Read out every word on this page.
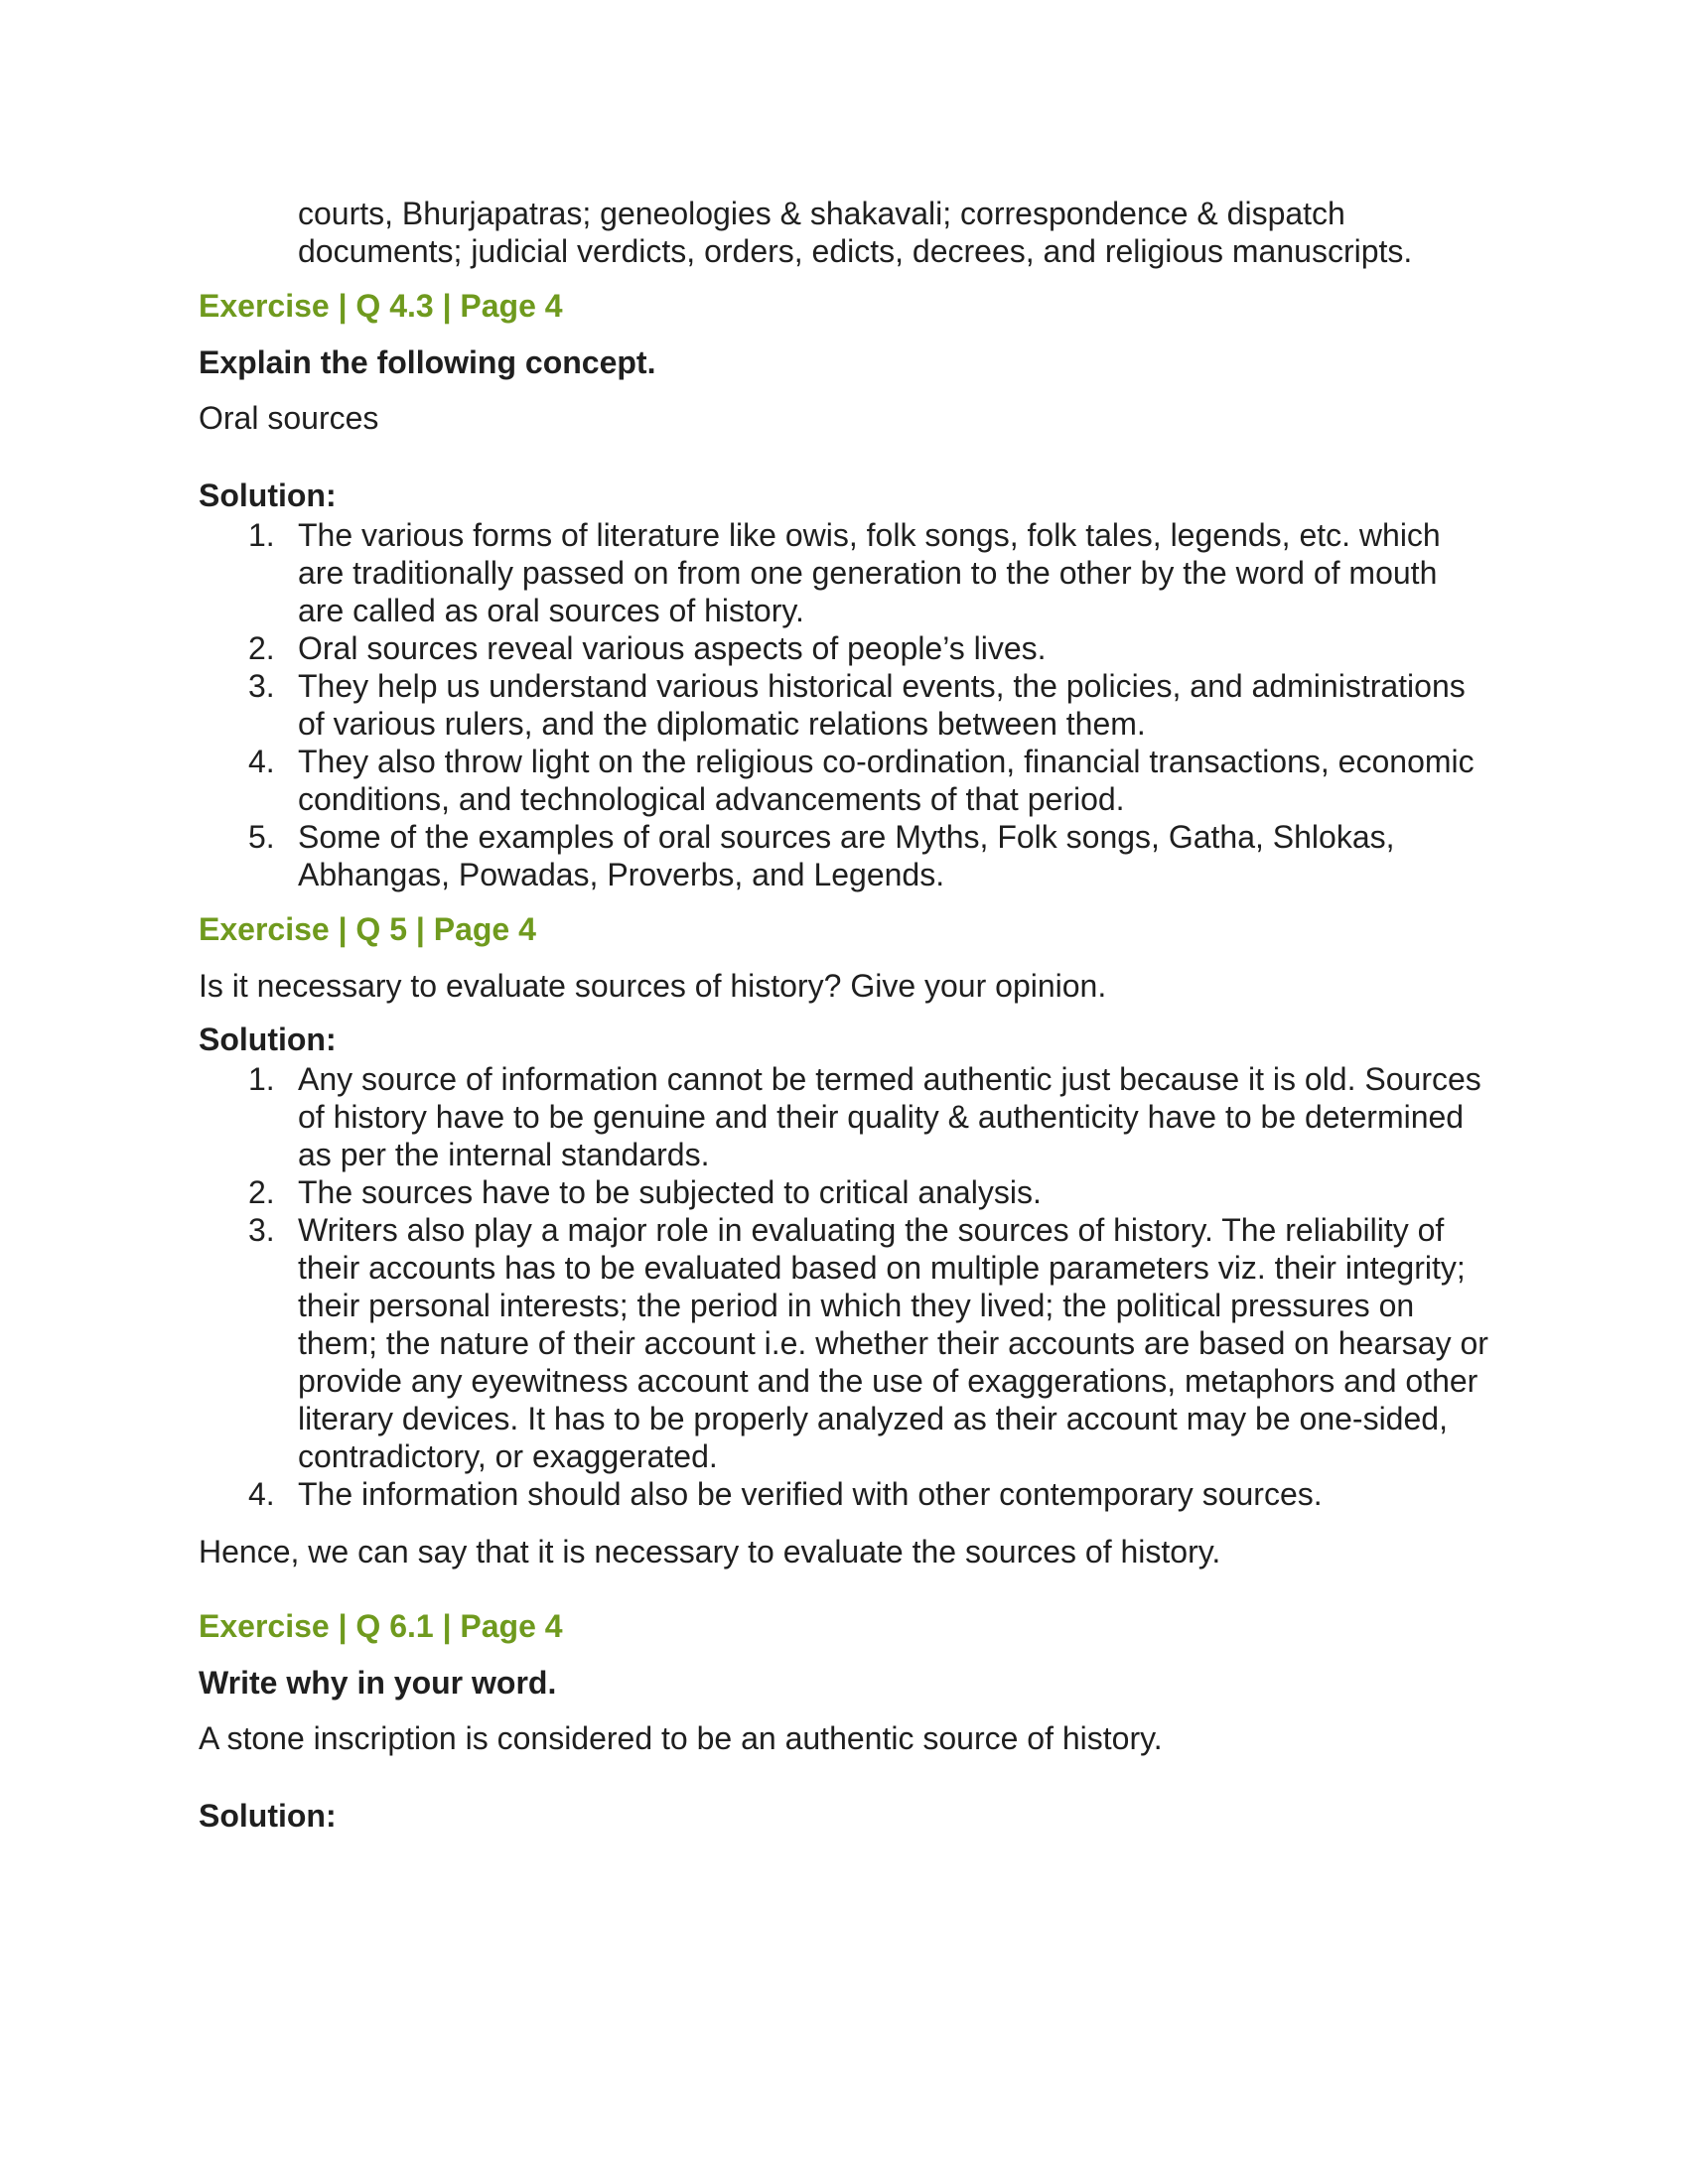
courts, Bhurjapatras; geneologies & shakavali; correspondence & dispatch documents; judicial verdicts, orders, edicts, decrees, and religious manuscripts.

Exercise | Q 4.3 | Page 4

Explain the following concept.

Oral sources

Solution:

1. The various forms of literature like owis, folk songs, folk tales, legends, etc. which are traditionally passed on from one generation to the other by the word of mouth are called as oral sources of history.
2. Oral sources reveal various aspects of people’s lives.
3. They help us understand various historical events, the policies, and administrations of various rulers, and the diplomatic relations between them.
4. They also throw light on the religious co-ordination, financial transactions, economic conditions, and technological advancements of that period.
5. Some of the examples of oral sources are Myths, Folk songs, Gatha, Shlokas, Abhangas, Powadas, Proverbs, and Legends.

Exercise | Q 5 | Page 4

Is it necessary to evaluate sources of history? Give your opinion.

Solution:

1. Any source of information cannot be termed authentic just because it is old. Sources of history have to be genuine and their quality & authenticity have to be determined as per the internal standards.
2. The sources have to be subjected to critical analysis.
3. Writers also play a major role in evaluating the sources of history. The reliability of their accounts has to be evaluated based on multiple parameters viz. their integrity; their personal interests; the period in which they lived; the political pressures on them; the nature of their account i.e. whether their accounts are based on hearsay or provide any eyewitness account and the use of exaggerations, metaphors and other literary devices. It has to be properly analyzed as their account may be one-sided, contradictory, or exaggerated.
4. The information should also be verified with other contemporary sources.

Hence, we can say that it is necessary to evaluate the sources of history.

Exercise | Q 6.1 | Page 4

Write why in your word.

A stone inscription is considered to be an authentic source of history.

Solution:
